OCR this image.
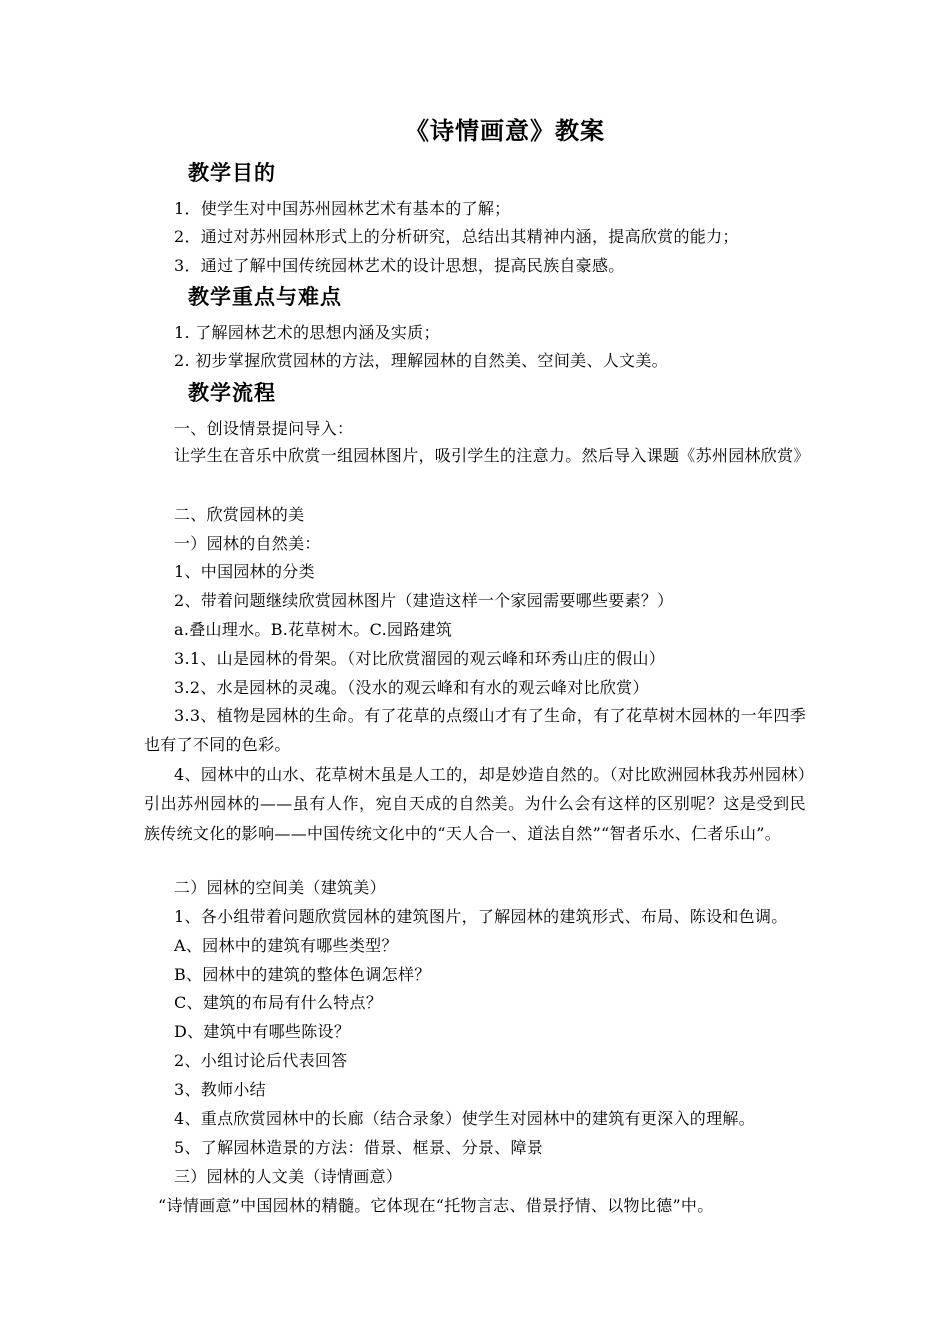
《诗情画意》教案
教学目的
1．使学生对中国苏州园林艺术有基本的了解；
2．通过对苏州园林形式上的分析研究，总结出其精神内涵，提高欣赏的能力；
3．通过了解中国传统园林艺术的设计思想，提高民族自豪感。
教学重点与难点
1. 了解园林艺术的思想内涵及实质；
2. 初步掌握欣赏园林的方法，理解园林的自然美、空间美、人文美。
教学流程
一、创设情景提问导入：
让学生在音乐中欣赏一组园林图片，吸引学生的注意力。然后导入课题《苏州园林欣赏》
二、欣赏园林的美
一）园林的自然美：
1、中国园林的分类
2、带着问题继续欣赏园林图片（建造这样一个家园需要哪些要素？）
a.叠山理水。B.花草树木。C.园路建筑
3.1、山是园林的骨架。（对比欣赏溜园的观云峰和环秀山庄的假山）
3.2、水是园林的灵魂。（没水的观云峰和有水的观云峰对比欣赏）
3.3、植物是园林的生命。有了花草的点缀山才有了生命，有了花草树木园林的一年四季也有了不同的色彩。
4、园林中的山水、花草树木虽是人工的，却是妙造自然的。（对比欧洲园林我苏州园林）引出苏州园林的——虽有人作，宛自天成的自然美。为什么会有这样的区别呢？这是受到民族传统文化的影响——中国传统文化中的“天人合一、道法自然”“智者乐水、仁者乐山”。
二）园林的空间美（建筑美）
1、各小组带着问题欣赏园林的建筑图片，了解园林的建筑形式、布局、陈设和色调。
A、园林中的建筑有哪些类型？
B、园林中的建筑的整体色调怎样？
C、建筑的布局有什么特点？
D、建筑中有哪些陈设？
2、小组讨论后代表回答
3、教师小结
4、重点欣赏园林中的长廊（结合录象）使学生对园林中的建筑有更深入的理解。
5、了解园林造景的方法：借景、框景、分景、障景
三）园林的人文美（诗情画意）
“诗情画意”中国园林的精髓。它体现在“托物言志、借景抒情、以物比德”中。
